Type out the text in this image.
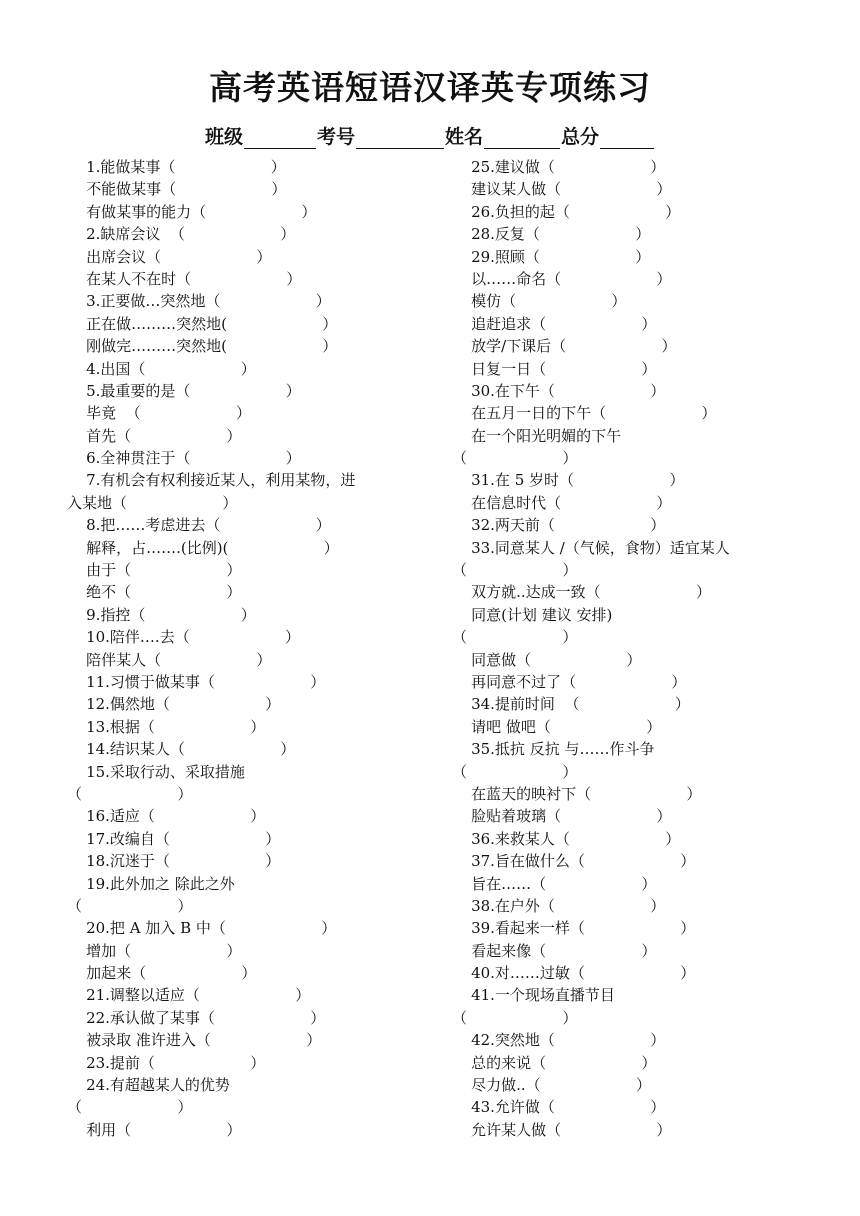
高考英语短语汉译英专项练习
班级	考号	姓名	总分
1.能做某事（                    ）
不能做某事（                    ）
有做某事的能力（                    ）
2.缺席会议  （                    ）
出席会议（                    ）
在某人不在时（                    ）
3.正要做…突然地（                    ）
正在做………突然地(                    ）
刚做完………突然地(                    ）
4.出国（                    ）
5.最重要的是（                    ）
毕竟  （                    ）
首先（                    ）
6.全神贯注于（                    ）
7.有机会有权利接近某人，利用某物，进
入某地（                    ）
8.把……考虑进去（                    ）
解释，占…….(比例)(                    ）
由于（                    ）
绝不（                    ）
9.指控（                    ）
10.陪伴….去（                    ）
陪伴某人（                    ）
11.习惯于做某事（                    ）
12.偶然地（                    ）
13.根据（                    ）
14.结识某人（                    ）
15.采取行动、采取措施
（                    ）
16.适应（                    ）
17.改编自（                    ）
18.沉迷于（                    ）
19.此外加之 除此之外
（                    ）
20.把 A 加入 B 中（                    ）
增加（                    ）
加起来（                    ）
21.调整以适应（                    ）
22.承认做了某事（                    ）
被录取 准许进入（                    ）
23.提前（                    ）
24.有超越某人的优势
（                    ）
利用（                    ）
25.建议做（                    ）
建议某人做（                    ）
26.负担的起（                    ）
28.反复（                    ）
29.照顾（                    ）
以……命名（                    ）
模仿（                    ）
追赶追求（                    ）
放学/下课后（                    ）
日复一日（                    ）
30.在下午（                    ）
在五月一日的下午（                    ）
在一个阳光明媚的下午
（                    ）
31.在 5 岁时（                    ）
在信息时代（                    ）
32.两天前（                    ）
33.同意某人 /（气候，食物）适宜某人
（                    ）
双方就..达成一致（                    ）
同意(计划 建议 安排)
（                    ）
同意做（                    ）
再同意不过了（                    ）
34.提前时间  （                    ）
请吧 做吧（                    ）
35.抵抗 反抗 与……作斗争
（                    ）
在蓝天的映衬下（                    ）
脸贴着玻璃（                    ）
36.来救某人（                    ）
37.旨在做什么（                    ）
旨在……（                    ）
38.在户外（                    ）
39.看起来一样（                    ）
看起来像（                    ）
40.对……过敏（                    ）
41.一个现场直播节目
（                    ）
42.突然地（                    ）
总的来说（                    ）
尽力做..（                    ）
43.允许做（                    ）
允许某人做（                    ）
